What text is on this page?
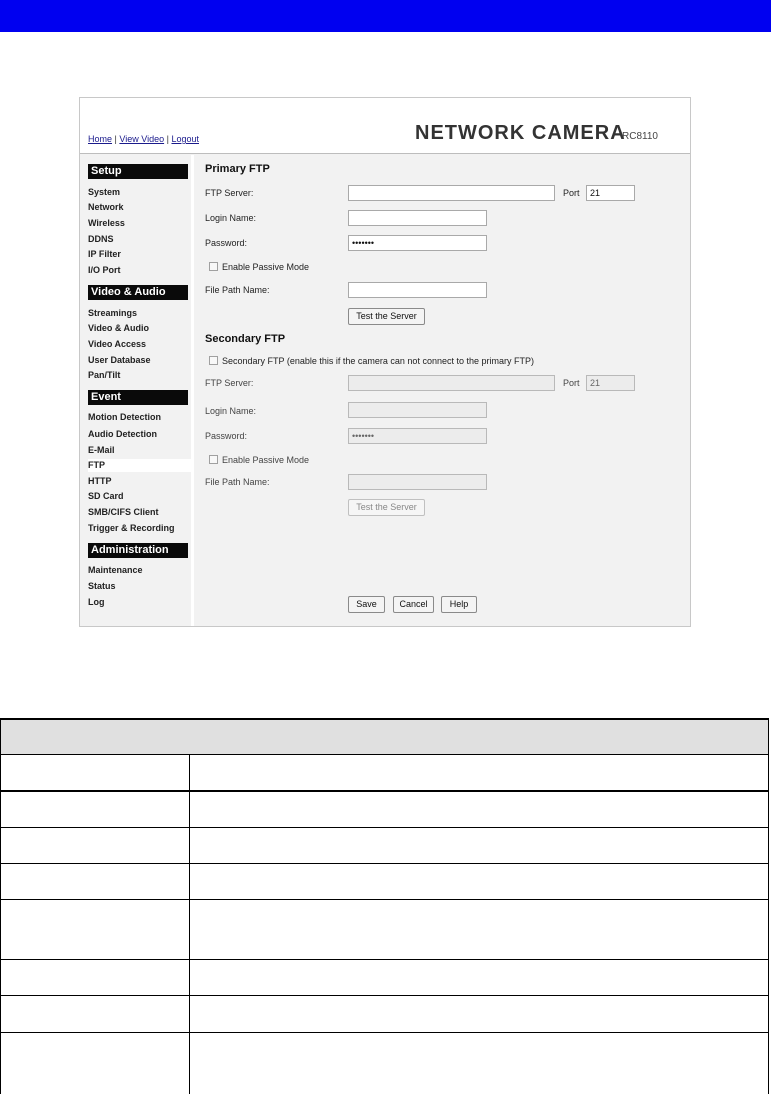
Home | View Video | Logout	NETWORK CAMERA
RC8110
Setup
System
Network
Wireless
DDNS
IP Filter
I/O Port
Video & Audio
Streamings
Video & Audio
Video Access
User Database
Pan/Tilt
Event
Motion Detection
Audio Detection
E-Mail
FTP
HTTP
SD Card
SMB/CIFS Client
Trigger & Recording
Administration
Maintenance
Status
Log
Primary FTP
FTP Server:	Port
21
Login Name:
Password:
•••••••
Enable Passive Mode
File Path Name:
Test the Server
Secondary FTP
Secondary FTP (enable this if the camera can not connect to the primary FTP)
FTP Server:	Port
21
Login Name:
Password:
•••••••
Enable Passive Mode
File Path Name:
Test the Server
Save	Cancel	Help
